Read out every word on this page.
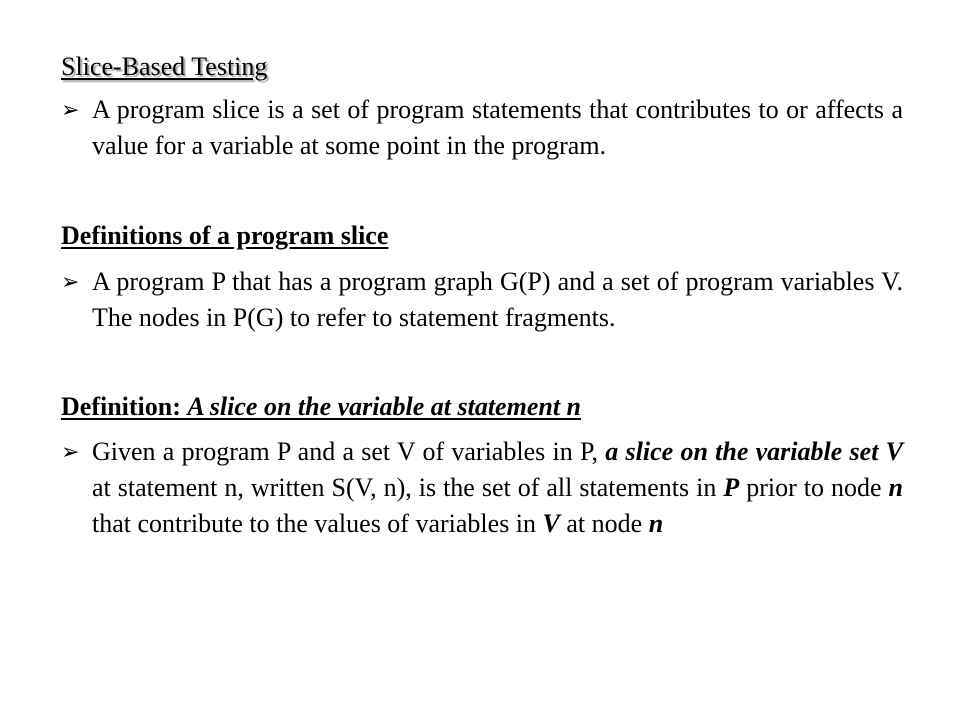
Slice-Based Testing
➢ A program slice is a set of program statements that contributes to or affects a value for a variable at some point in the program.
Definitions of a program slice
➢ A program P that has a program graph G(P) and a set of program variables V. The nodes in P(G) to refer to statement fragments.
Definition: A slice on the variable at statement n
➢ Given a program P and a set V of variables in P, a slice on the variable set V at statement n, written S(V, n), is the set of all statements in P prior to node n that contribute to the values of variables in V at node n
